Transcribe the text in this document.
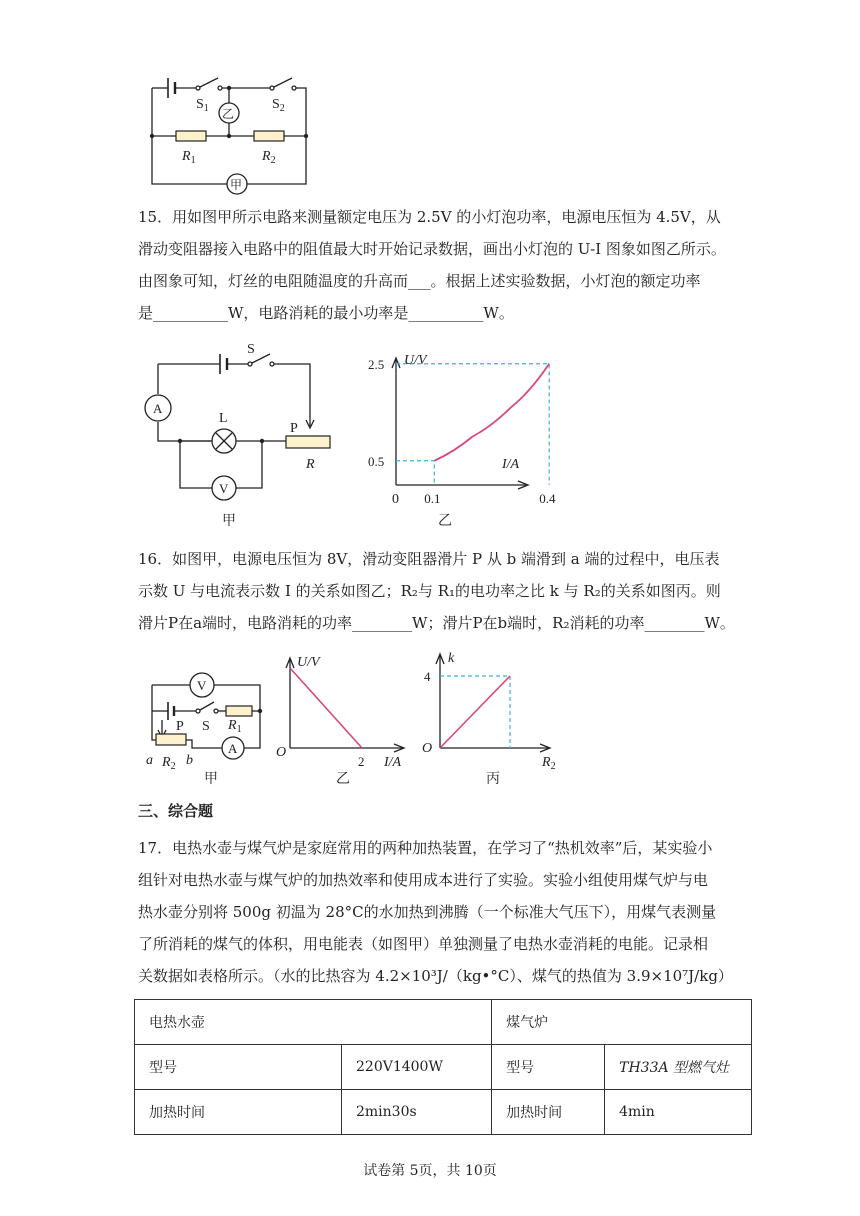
$S_1$	$S_2$
乙
甲
$R_1$	$R_2$

15．用如图甲所示电路来测量额定电压为 2.5V 的小灯泡功率，电源电压恒为 4.5V，从

滑动变阻器接入电路中的阻值最大时开始记录数据，画出小灯泡的 U-I 图象如图乙所示。

由图象可知，灯丝的电阻随温度的升高而___。根据上述实验数据，小灯泡的额定功率

是__________W，电路消耗的最小功率是__________W。

S
A
L
V
P
R
甲
0.1	0.4
0.5
2.5 U/V
I/A
0
乙

16．如图甲，电源电压恒为 8V，滑动变阻器滑片 P 从 b 端滑到 a 端的过程中，电压表

示数 U 与电流表示数 I 的关系如图乙；R₂与 R₁的电功率之比 k 与 R₂的关系如图丙。则

滑片P在a端时，电路消耗的功率________W；滑片P在b端时，R₂消耗的功率________W。

V
S $R_1$
P
a $R_2$ b
A
甲
2
U/V
I/A
O
乙
4
k
$R_2$
O
丙
三、综合题

17．电热水壶与煤气炉是家庭常用的两种加热装置，在学习了“热机效率”后，某实验小

组针对电热水壶与煤气炉的加热效率和使用成本进行了实验。实验小组使用煤气炉与电

热水壶分别将 500g 初温为 28°C的水加热到沸腾（一个标准大气压下），用煤气表测量

了所消耗的煤气的体积，用电能表（如图甲）单独测量了电热水壶消耗的电能。记录相

关数据如表格所示。（水的比热容为 4.2×10³J/（kg•°C）、煤气的热值为 3.9×10⁷J/kg）

电热水壶		煤气炉	
型号	220V1400W	型号	TH33A 型燃气灶
加热时间	2min30s	加热时间	4min
试卷第 5页，共 10页
